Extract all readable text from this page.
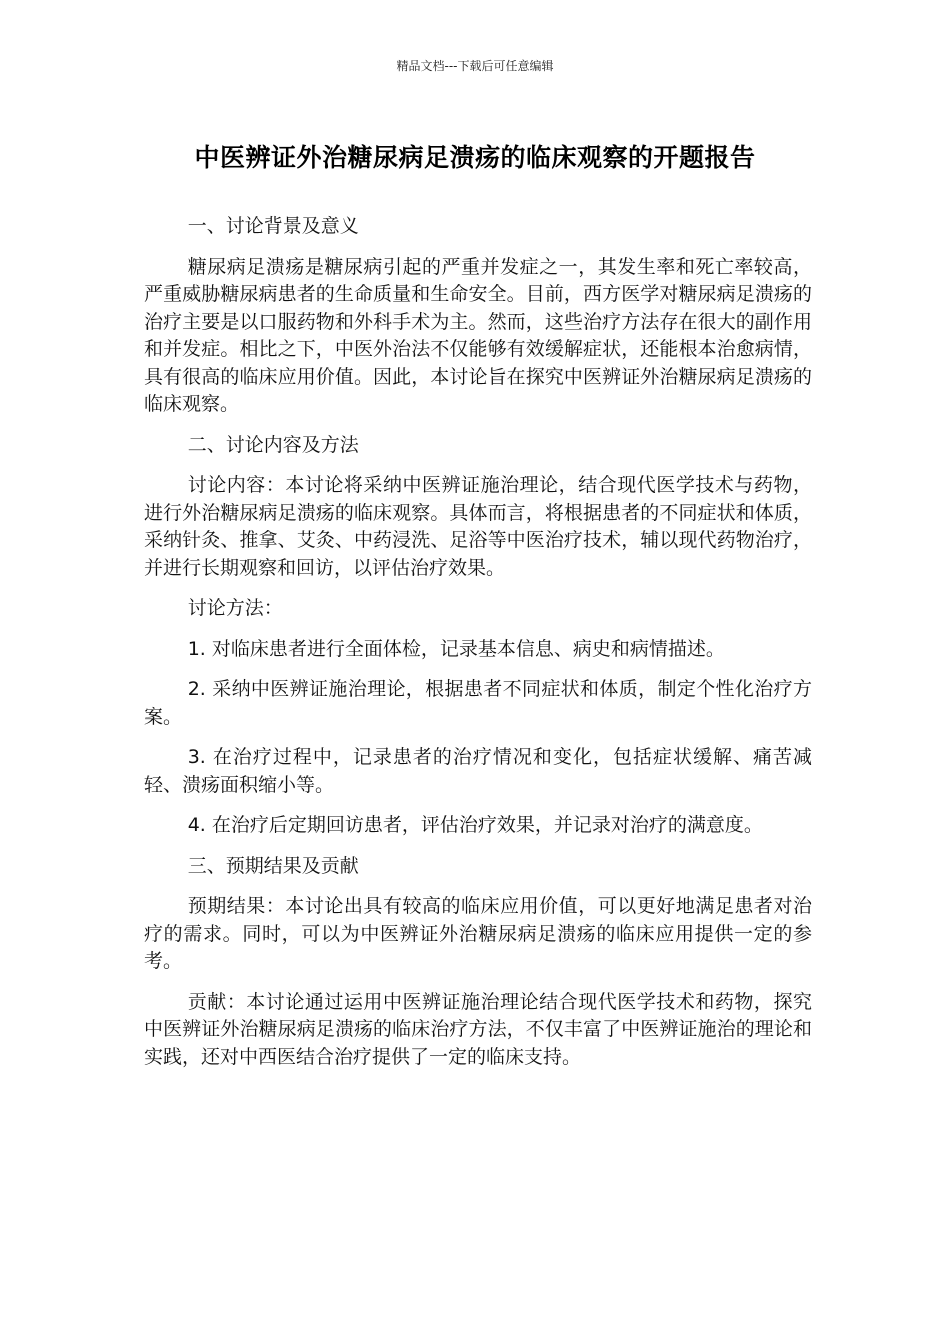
精品文档---下载后可任意编辑
中医辨证外治糖尿病足溃疡的临床观察的开题报告

一、讨论背景及意义

糖尿病足溃疡是糖尿病引起的严重并发症之一，其发生率和死亡率较高，严重威胁糖尿病患者的生命质量和生命安全。目前，西方医学对糖尿病足溃疡的治疗主要是以口服药物和外科手术为主。然而，这些治疗方法存在很大的副作用和并发症。相比之下，中医外治法不仅能够有效缓解症状，还能根本治愈病情，具有很高的临床应用价值。因此，本讨论旨在探究中医辨证外治糖尿病足溃疡的临床观察。

二、讨论内容及方法

讨论内容：本讨论将采纳中医辨证施治理论，结合现代医学技术与药物，进行外治糖尿病足溃疡的临床观察。具体而言，将根据患者的不同症状和体质，采纳针灸、推拿、艾灸、中药浸洗、足浴等中医治疗技术，辅以现代药物治疗，并进行长期观察和回访，以评估治疗效果。

讨论方法：

1. 对临床患者进行全面体检，记录基本信息、病史和病情描述。

2. 采纳中医辨证施治理论，根据患者不同症状和体质，制定个性化治疗方案。

3. 在治疗过程中，记录患者的治疗情况和变化，包括症状缓解、痛苦减轻、溃疡面积缩小等。

4. 在治疗后定期回访患者，评估治疗效果，并记录对治疗的满意度。

三、预期结果及贡献

预期结果：本讨论出具有较高的临床应用价值，可以更好地满足患者对治疗的需求。同时，可以为中医辨证外治糖尿病足溃疡的临床应用提供一定的参考。

贡献：本讨论通过运用中医辨证施治理论结合现代医学技术和药物，探究中医辨证外治糖尿病足溃疡的临床治疗方法，不仅丰富了中医辨证施治的理论和实践，还对中西医结合治疗提供了一定的临床支持。
